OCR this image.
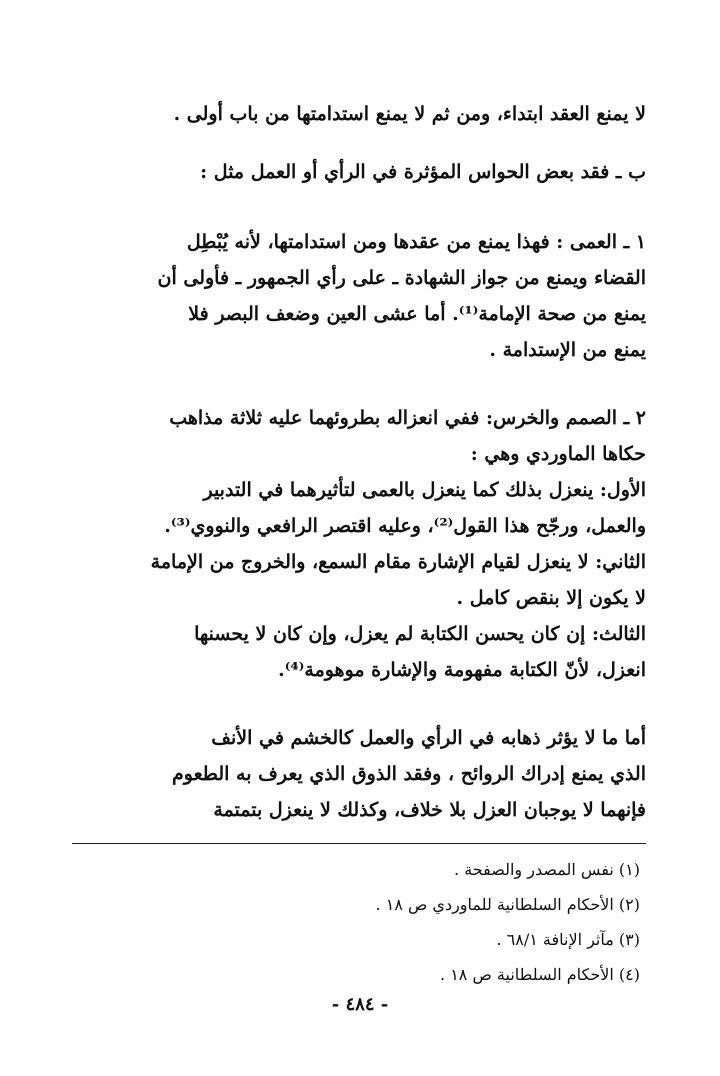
لا يمنع العقد ابتداء، ومن ثم لا يمنع استدامتها من باب أولى .
ب ـ فقد بعض الحواس المؤثرة في الرأي أو العمل مثل :
١ ـ العمى : فهذا يمنع من عقدها ومن استدامتها، لأنه يُبْطِل
القضاء ويمنع من جواز الشهادة ـ على رأي الجمهور ـ فأولى أن
يمنع من صحة الإمامة⁽¹⁾. أما عشى العين وضعف البصر فلا
يمنع من الإستدامة .
٢ ـ الصمم والخرس: ففي انعزاله بطروئهما عليه ثلاثة مذاهب
حكاها الماوردي وهي :
الأول: ينعزل بذلك كما ينعزل بالعمى لتأثيرهما في التدبير
والعمل، ورجّح هذا القول⁽²⁾، وعليه اقتصر الرافعي والنووي⁽³⁾.
الثاني: لا ينعزل لقيام الإشارة مقام السمع، والخروج من الإمامة
لا يكون إلا بنقص كامل .
الثالث: إن كان يحسن الكتابة لم يعزل، وإن كان لا يحسنها
انعزل، لأنّ الكتابة مفهومة والإشارة موهومة⁽⁴⁾.
أما ما لا يؤثر ذهابه في الرأي والعمل كالخشم في الأنف
الذي يمنع إدراك الروائح ، وفقد الذوق الذي يعرف به الطعوم
فإنهما لا يوجبان العزل بلا خلاف، وكذلك لا ينعزل بتمتمة
(١) نفس المصدر والصفحة .
(٢) الأحكام السلطانية للماوردي ص ١٨ .
(٣) مآثر الإنافة ٦٨/١ .
(٤) الأحكام السلطانية ص ١٨ .
- ٤٨٤ -
